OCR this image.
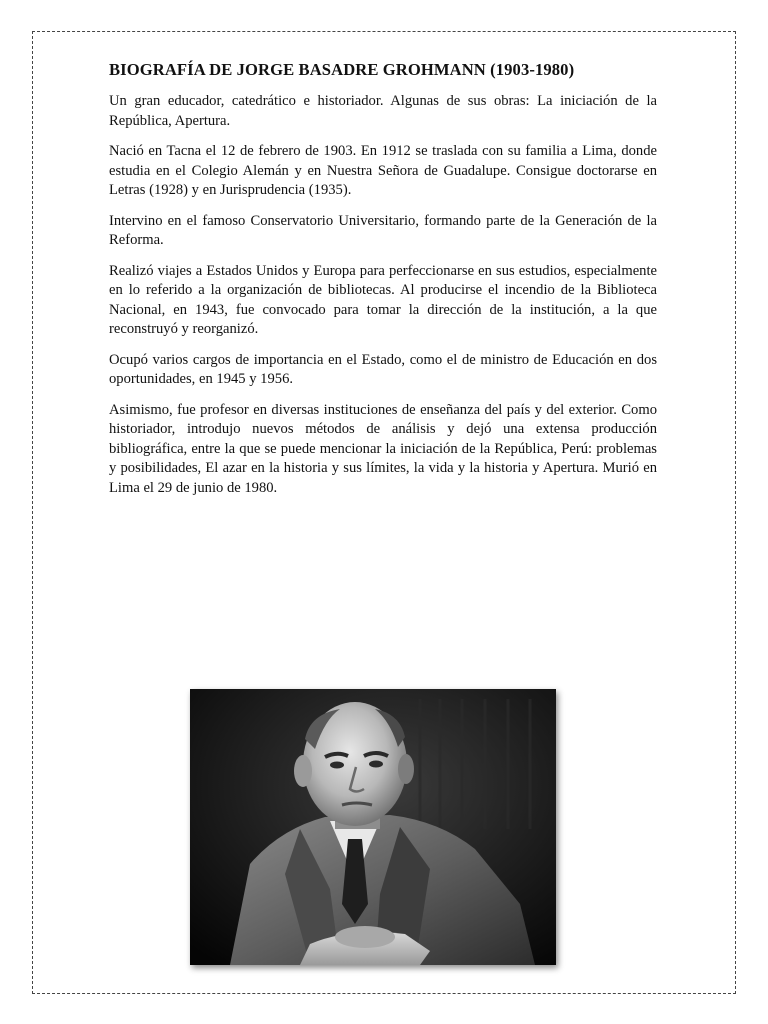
BIOGRAFÍA DE JORGE BASADRE GROHMANN (1903-1980)

Un gran educador, catedrático e historiador. Algunas de sus obras: La iniciación de la República, Apertura.

Nació en Tacna el 12 de febrero de 1903. En 1912 se traslada con su familia a Lima, donde estudia en el Colegio Alemán y en Nuestra Señora de Guadalupe. Consigue doctorarse en Letras (1928) y en Jurisprudencia (1935).

Intervino en el famoso Conservatorio Universitario, formando parte de la Generación de la Reforma.

Realizó viajes a Estados Unidos y Europa para perfeccionarse en sus estudios, especialmente en lo referido a la organización de bibliotecas. Al producirse el incendio de la Biblioteca Nacional, en 1943, fue convocado para tomar la dirección de la institución, a la que reconstruyó y reorganizó.

Ocupó varios cargos de importancia en el Estado, como el de ministro de Educación en dos oportunidades, en 1945 y 1956.

Asimismo, fue profesor en diversas instituciones de enseñanza del país y del exterior. Como historiador, introdujo nuevos métodos de análisis y dejó una extensa producción bibliográfica, entre la que se puede mencionar la iniciación de la República, Perú: problemas y posibilidades, El azar en la historia y sus límites, la vida y la historia y Apertura. Murió en Lima el 29 de junio de 1980.
